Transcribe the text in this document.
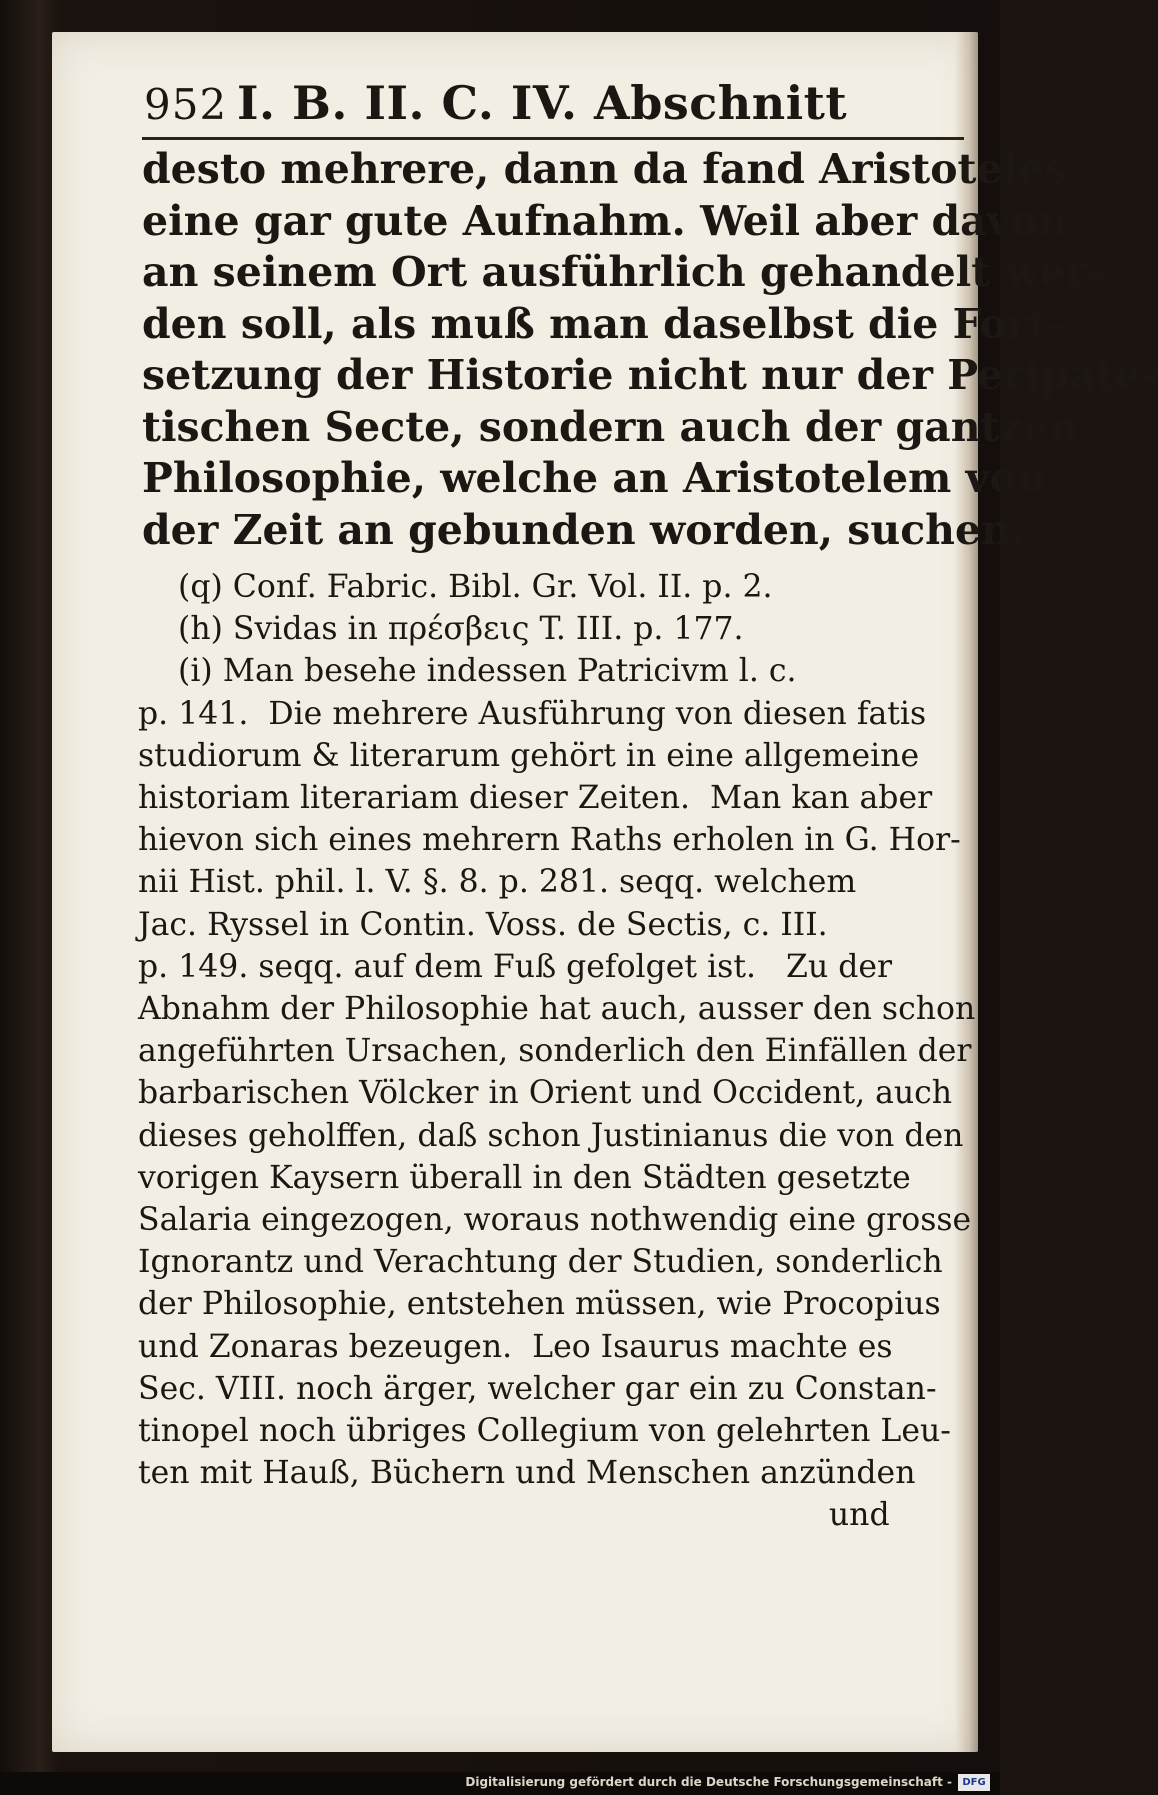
952 I. B. II. C. IV. Abschnitt
desto mehrere, dann da fand Aristoteles
eine gar gute Aufnahm. Weil aber davon
an seinem Ort ausführlich gehandelt wer-
den soll, als muß man daselbst die Fort-
setzung der Historie nicht nur der Peripate-
tischen Secte, sondern auch der gantzen
Philosophie, welche an Aristotelem von
der Zeit an gebunden worden, suchen.
(q) Conf. Fabric. Bibl. Gr. Vol. II. p. 2.
(h) Svidas in πρέσβεις T. III. p. 177.
(i) Man besehe indessen Patricivm l. c.
p. 141.  Die mehrere Ausführung von diesen fatis
studiorum & literarum gehört in eine allgemeine
historiam literariam dieser Zeiten.  Man kan aber
hievon sich eines mehrern Raths erholen in G. Hor-
nii Hist. phil. l. V. §. 8. p. 281. seqq. welchem
Jac. Ryssel in Contin. Voss. de Sectis, c. III.
p. 149. seqq. auf dem Fuß gefolget ist.   Zu der
Abnahm der Philosophie hat auch, ausser den schon
angeführten Ursachen, sonderlich den Einfällen der
barbarischen Völcker in Orient und Occident, auch
dieses geholffen, daß schon Justinianus die von den
vorigen Kaysern überall in den Städten gesetzte
Salaria eingezogen, woraus nothwendig eine grosse
Ignorantz und Verachtung der Studien, sonderlich
der Philosophie, entstehen müssen, wie Procopius
und Zonaras bezeugen.  Leo Isaurus machte es
Sec. VIII. noch ärger, welcher gar ein zu Constan-
tinopel noch übriges Collegium von gelehrten Leu-
ten mit Hauß, Büchern und Menschen anzünden
und
Digitalisierung gefördert durch die Deutsche Forschungsgemeinschaft -	DFG
